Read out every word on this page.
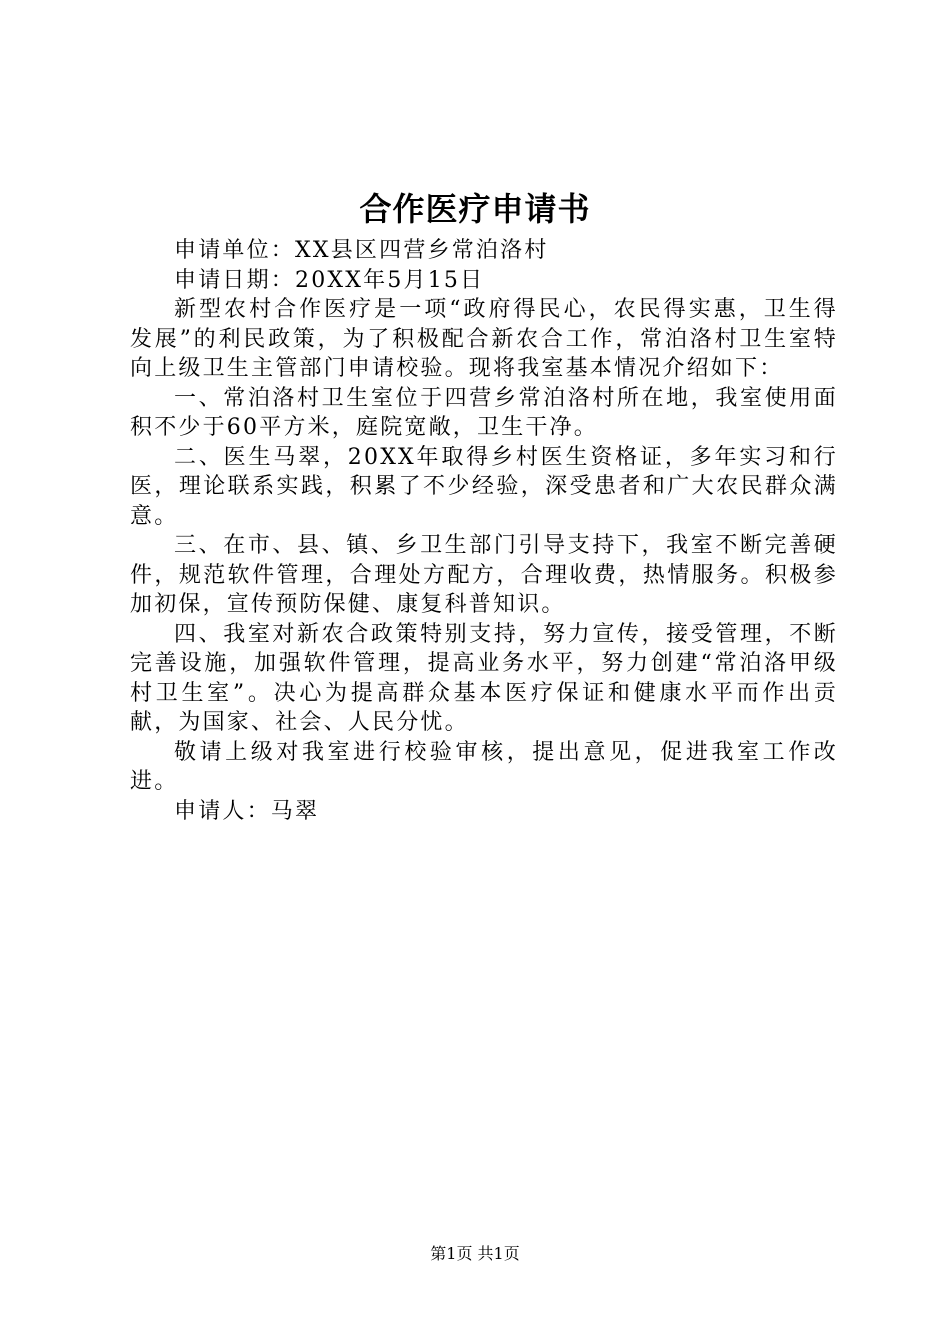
合作医疗申请书

申请单位：XX县区四营乡常泊洛村

申请日期：20XX年5月15日

新型农村合作医疗是一项“政府得民心，农民得实惠，卫生得发展”的利民政策，为了积极配合新农合工作，常泊洛村卫生室特向上级卫生主管部门申请校验。现将我室基本情况介绍如下：

一、常泊洛村卫生室位于四营乡常泊洛村所在地，我室使用面积不少于60平方米，庭院宽敞，卫生干净。

二、医生马翠，20XX年取得乡村医生资格证，多年实习和行医，理论联系实践，积累了不少经验，深受患者和广大农民群众满意。

三、在市、县、镇、乡卫生部门引导支持下，我室不断完善硬件，规范软件管理，合理处方配方，合理收费，热情服务。积极参加初保，宣传预防保健、康复科普知识。

四、我室对新农合政策特别支持，努力宣传，接受管理，不断完善设施，加强软件管理，提高业务水平，努力创建“常泊洛甲级村卫生室”。决心为提高群众基本医疗保证和健康水平而作出贡献，为国家、社会、人民分忧。

敬请上级对我室进行校验审核，提出意见，促进我室工作改进。

申请人：马翠

第1页 共1页
